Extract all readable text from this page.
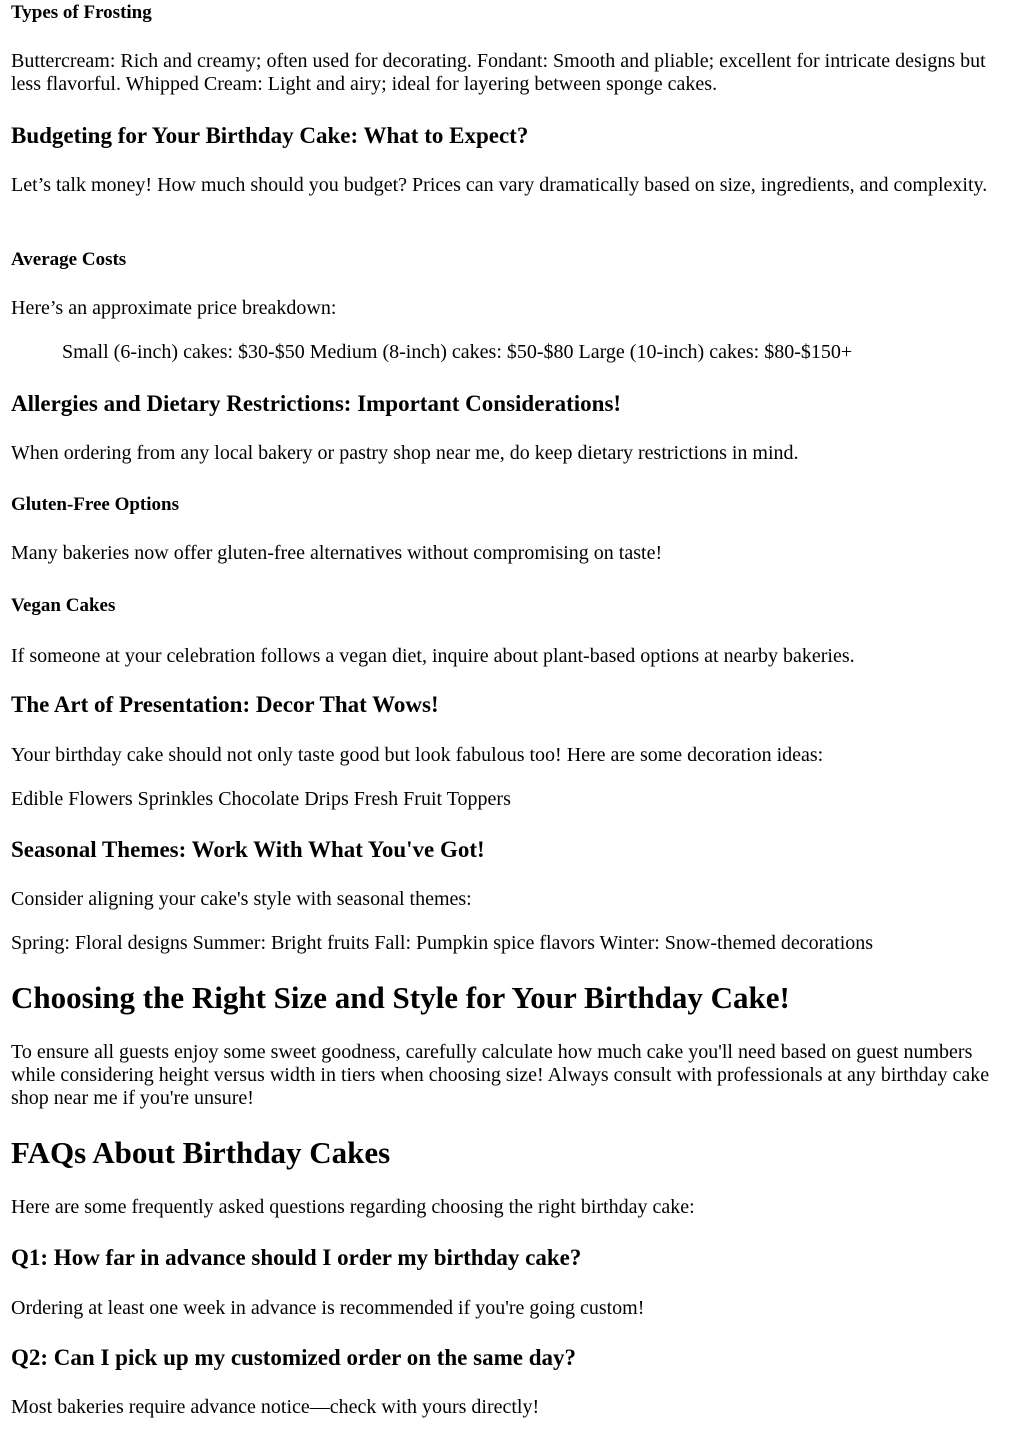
Types of Frosting

Buttercream: Rich and creamy; often used for decorating. Fondant: Smooth and pliable; excellent for intricate designs but less flavorful. Whipped Cream: Light and airy; ideal for layering between sponge cakes.

Budgeting for Your Birthday Cake: What to Expect?

Let’s talk money! How much should you budget? Prices can vary dramatically based on size, ingredients, and complexity.

Average Costs

Here’s an approximate price breakdown:

Small (6-inch) cakes: $30-$50 Medium (8-inch) cakes: $50-$80 Large (10-inch) cakes: $80-$150+

Allergies and Dietary Restrictions: Important Considerations!

When ordering from any local bakery or pastry shop near me, do keep dietary restrictions in mind.

Gluten-Free Options

Many bakeries now offer gluten-free alternatives without compromising on taste!

Vegan Cakes

If someone at your celebration follows a vegan diet, inquire about plant-based options at nearby bakeries.

The Art of Presentation: Decor That Wows!

Your birthday cake should not only taste good but look fabulous too! Here are some decoration ideas:

Edible Flowers Sprinkles Chocolate Drips Fresh Fruit Toppers

Seasonal Themes: Work With What You've Got!

Consider aligning your cake's style with seasonal themes:

Spring: Floral designs Summer: Bright fruits Fall: Pumpkin spice flavors Winter: Snow-themed decorations

Choosing the Right Size and Style for Your Birthday Cake!

To ensure all guests enjoy some sweet goodness, carefully calculate how much cake you'll need based on guest numbers while considering height versus width in tiers when choosing size! Always consult with professionals at any birthday cake shop near me if you're unsure!

FAQs About Birthday Cakes

Here are some frequently asked questions regarding choosing the right birthday cake:

Q1: How far in advance should I order my birthday cake?

Ordering at least one week in advance is recommended if you're going custom!

Q2: Can I pick up my customized order on the same day?

Most bakeries require advance notice—check with yours directly!
